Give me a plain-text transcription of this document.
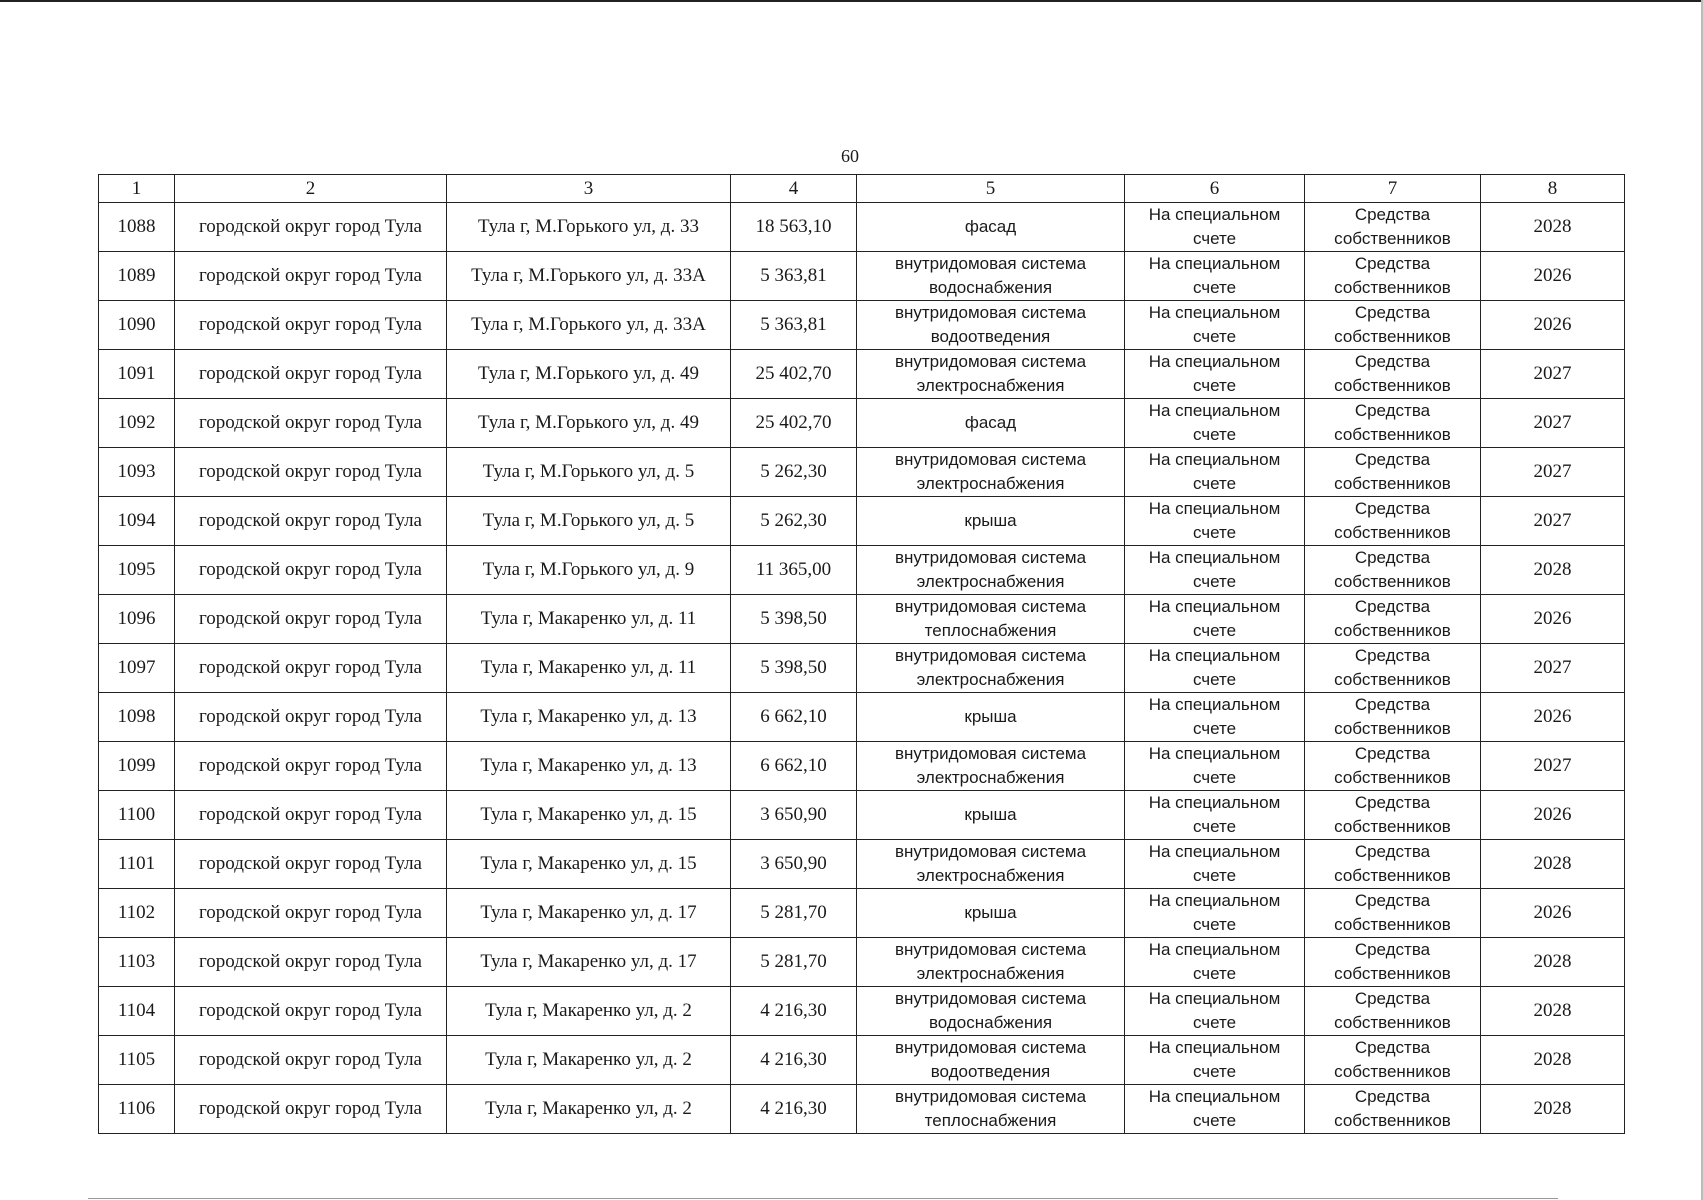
60
1	2	3	4	5	6	7	8
1088	городской округ город Тула	Тула г, М.Горького ул, д. 33	18 563,10	фасад	На специальном счете	Средства собственников	2028
1089	городской округ город Тула	Тула г, М.Горького ул, д. 33А	5 363,81	внутридомовая система водоснабжения	На специальном счете	Средства собственников	2026
1090	городской округ город Тула	Тула г, М.Горького ул, д. 33А	5 363,81	внутридомовая система водоотведения	На специальном счете	Средства собственников	2026
1091	городской округ город Тула	Тула г, М.Горького ул, д. 49	25 402,70	внутридомовая система электроснабжения	На специальном счете	Средства собственников	2027
1092	городской округ город Тула	Тула г, М.Горького ул, д. 49	25 402,70	фасад	На специальном счете	Средства собственников	2027
1093	городской округ город Тула	Тула г, М.Горького ул, д. 5	5 262,30	внутридомовая система электроснабжения	На специальном счете	Средства собственников	2027
1094	городской округ город Тула	Тула г, М.Горького ул, д. 5	5 262,30	крыша	На специальном счете	Средства собственников	2027
1095	городской округ город Тула	Тула г, М.Горького ул, д. 9	11 365,00	внутридомовая система электроснабжения	На специальном счете	Средства собственников	2028
1096	городской округ город Тула	Тула г, Макаренко ул, д. 11	5 398,50	внутридомовая система теплоснабжения	На специальном счете	Средства собственников	2026
1097	городской округ город Тула	Тула г, Макаренко ул, д. 11	5 398,50	внутридомовая система электроснабжения	На специальном счете	Средства собственников	2027
1098	городской округ город Тула	Тула г, Макаренко ул, д. 13	6 662,10	крыша	На специальном счете	Средства собственников	2026
1099	городской округ город Тула	Тула г, Макаренко ул, д. 13	6 662,10	внутридомовая система электроснабжения	На специальном счете	Средства собственников	2027
1100	городской округ город Тула	Тула г, Макаренко ул, д. 15	3 650,90	крыша	На специальном счете	Средства собственников	2026
1101	городской округ город Тула	Тула г, Макаренко ул, д. 15	3 650,90	внутридомовая система электроснабжения	На специальном счете	Средства собственников	2028
1102	городской округ город Тула	Тула г, Макаренко ул, д. 17	5 281,70	крыша	На специальном счете	Средства собственников	2026
1103	городской округ город Тула	Тула г, Макаренко ул, д. 17	5 281,70	внутридомовая система электроснабжения	На специальном счете	Средства собственников	2028
1104	городской округ город Тула	Тула г, Макаренко ул, д. 2	4 216,30	внутридомовая система водоснабжения	На специальном счете	Средства собственников	2028
1105	городской округ город Тула	Тула г, Макаренко ул, д. 2	4 216,30	внутридомовая система водоотведения	На специальном счете	Средства собственников	2028
1106	городской округ город Тула	Тула г, Макаренко ул, д. 2	4 216,30	внутридомовая система теплоснабжения	На специальном счете	Средства собственников	2028
